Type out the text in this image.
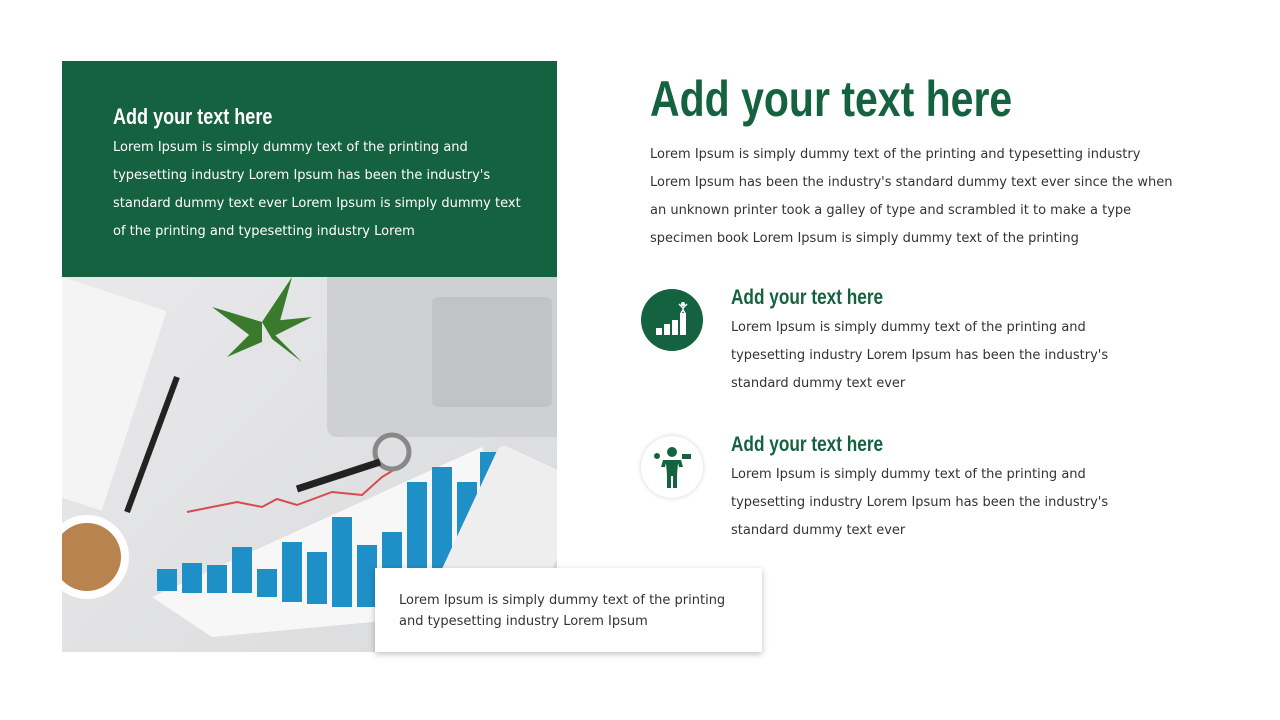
Add your text here
Lorem Ipsum is simply dummy text of the printing and typesetting industry Lorem Ipsum has been the industry's standard dummy text ever Lorem Ipsum is simply dummy text of the printing and typesetting industry Lorem
Lorem Ipsum is simply dummy text of the printing and typesetting industry Lorem Ipsum
Add your text here
Lorem Ipsum is simply dummy text of the printing and typesetting industry Lorem Ipsum has been the industry's standard dummy text ever since the when an unknown printer took a galley of type and scrambled it to make a type specimen book Lorem Ipsum is simply dummy text of the printing
Add your text here
Lorem Ipsum is simply dummy text of the printing and typesetting industry Lorem Ipsum has been the industry's standard dummy text ever
Add your text here
Lorem Ipsum is simply dummy text of the printing and typesetting industry Lorem Ipsum has been the industry's standard dummy text ever
